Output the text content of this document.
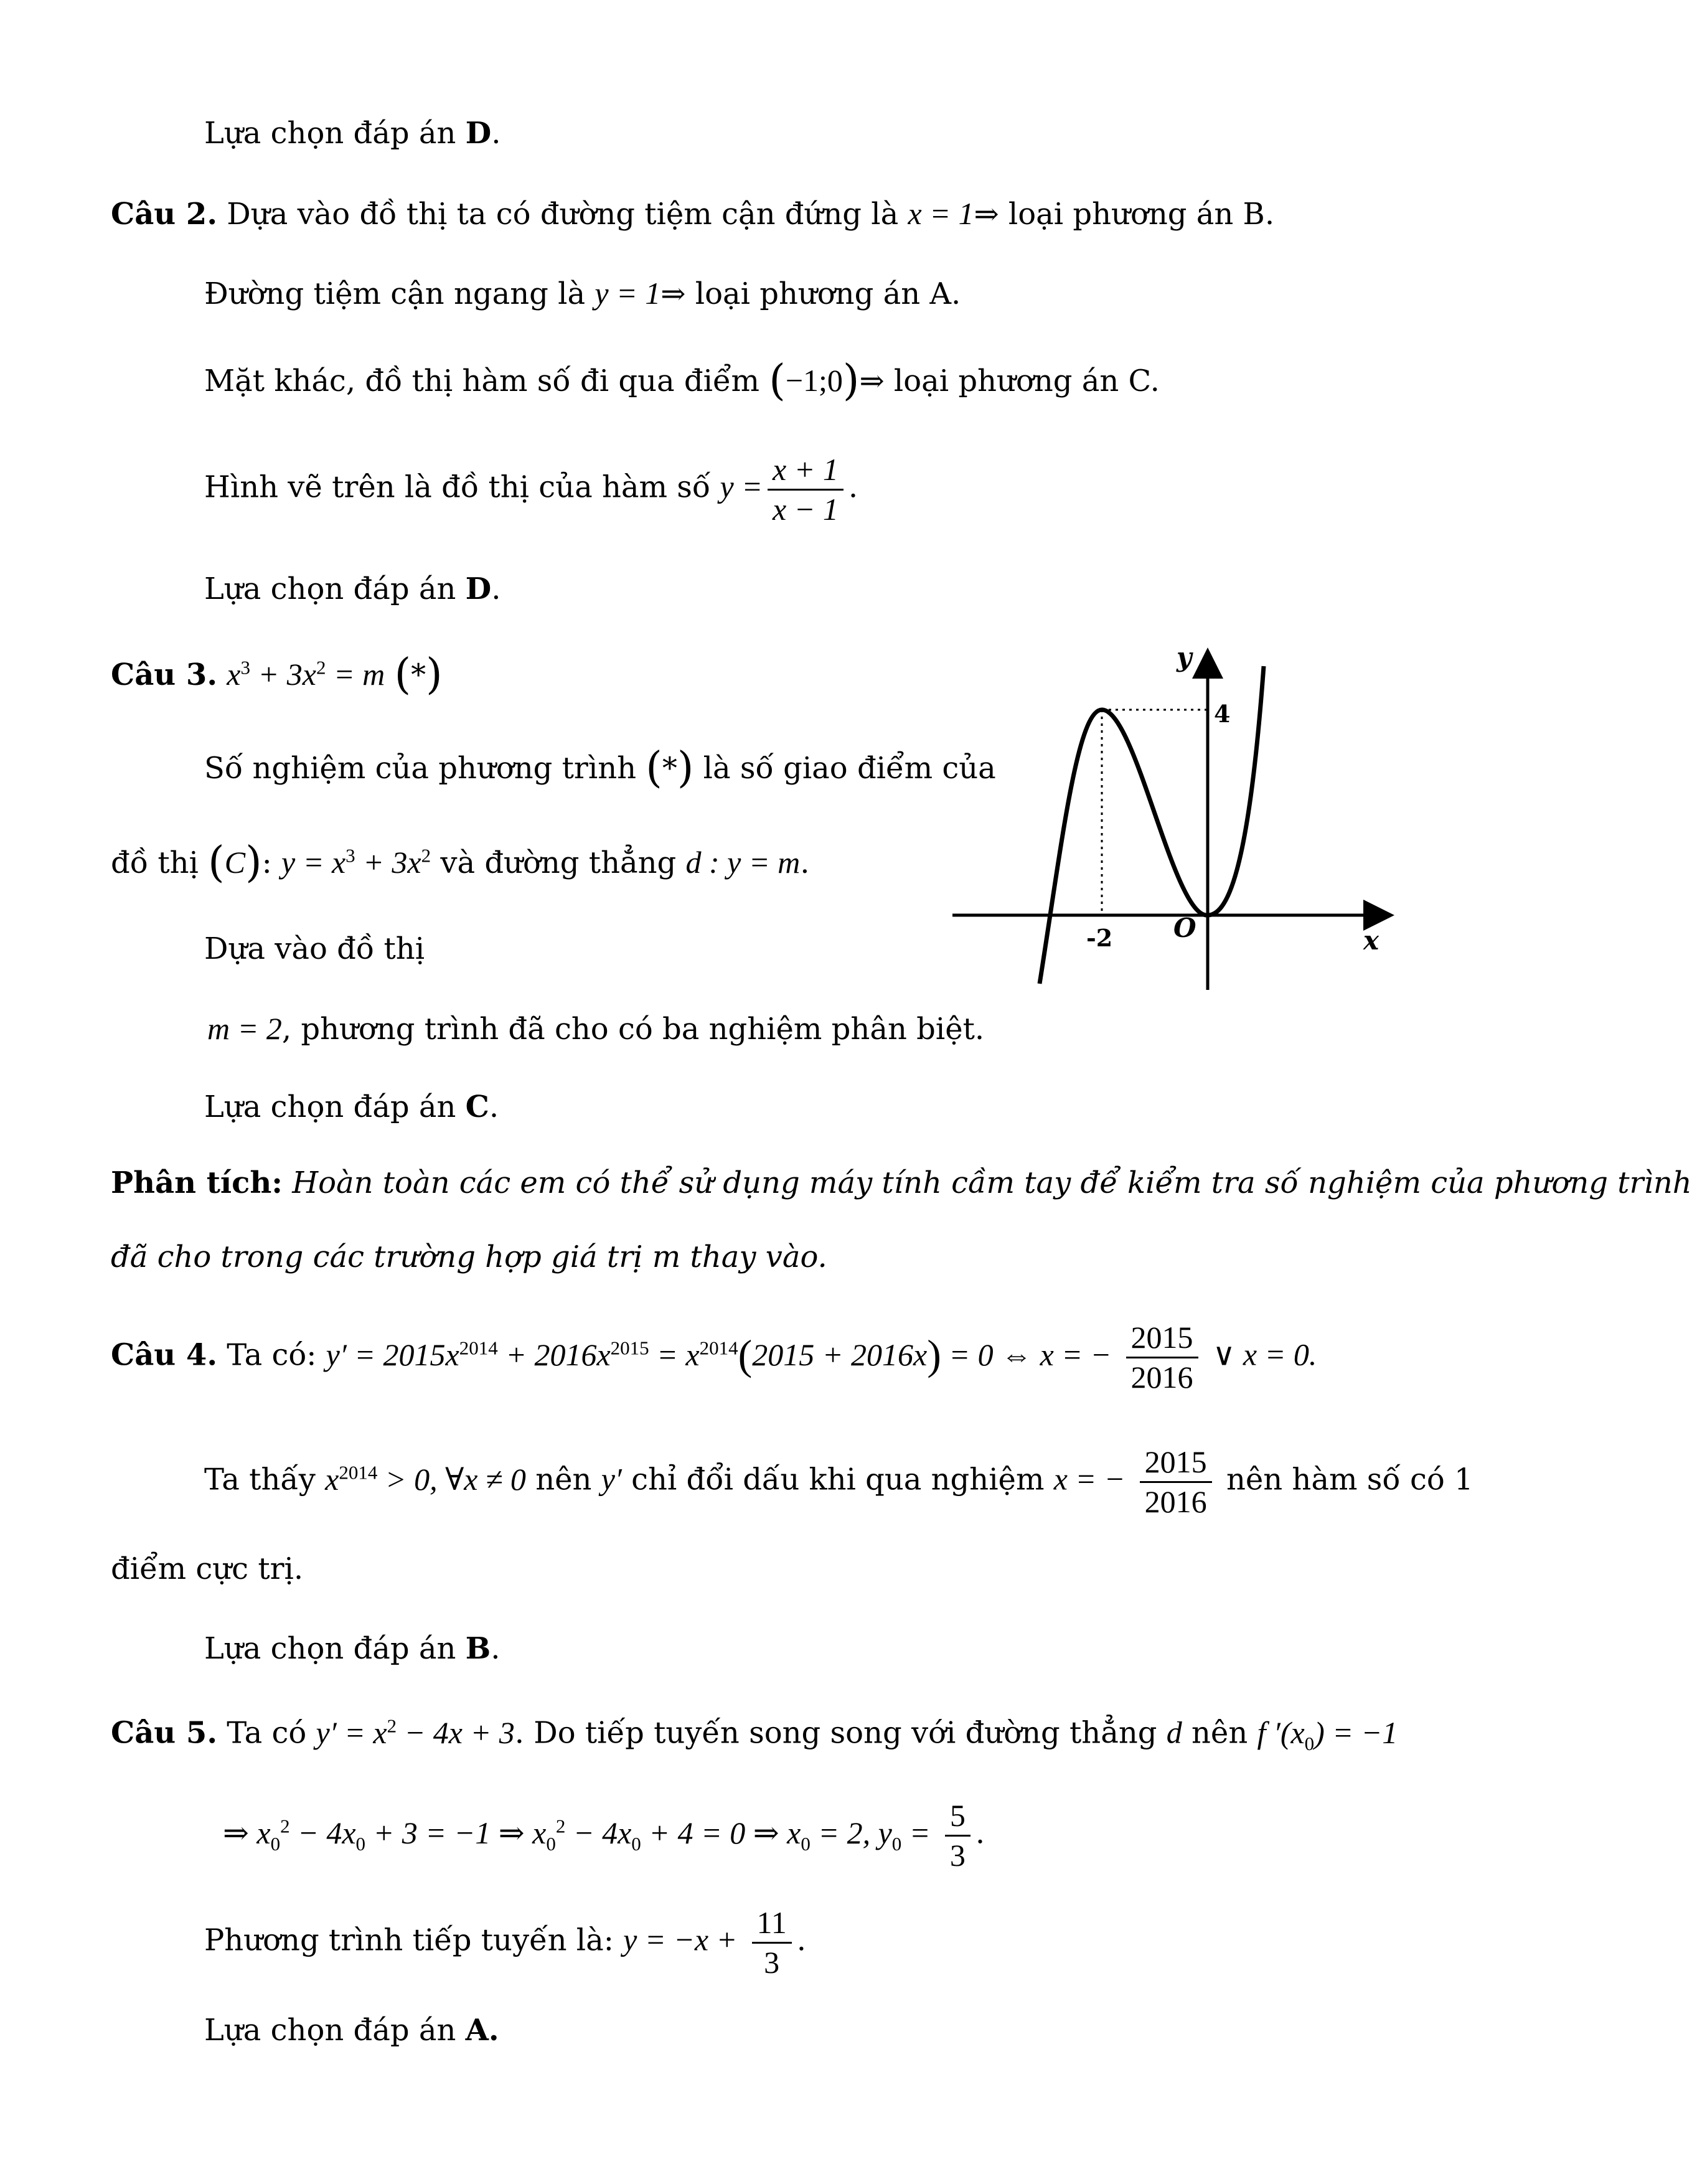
Lựa chọn đáp án D.
Câu 2. Dựa vào đồ thị ta có đường tiệm cận đứng là x = 1⇒ loại phương án B.
Đường tiệm cận ngang là y = 1⇒ loại phương án A.
Mặt khác, đồ thị hàm số đi qua điểm (−1;0)⇒ loại phương án C.
Hình vẽ trên là đồ thị của hàm số $y = \frac{x + 1}{x - 1}$ .
Lựa chọn đáp án D.
Câu 3. $x^3 + 3x^2 = m$ (*)
Số nghiệm của phương trình (*) là số giao điểm của
đồ thị (C): $y = x^3 + 3x^2$ và đường thẳng d : y = m.
Dựa vào đồ thị
m = 2, phương trình đã cho có ba nghiệm phân biệt.
Lựa chọn đáp án C.
y
x
O
-2
4
Phân tích: Hoàn toàn các em có thể sử dụng máy tính cầm tay để kiểm tra số nghiệm của phương trình
đã cho trong các trường hợp giá trị m thay vào.
Câu 4. Ta có: $y' = 2015x^{2014} + 2016x^{2015} = x^{2014}(2015 + 2016x) = 0$ ⇔ x = − $\frac{2015}{2016}$ ∨ x = 0.
Ta thấy $x^{2014} > 0$, ∀x ≠ 0 nên y′ chỉ đổi dấu khi qua nghiệm x = − $\frac{2015}{2016}$ nên hàm số có 1
điểm cực trị.
Lựa chọn đáp án B.
Câu 5. Ta có $y' = x^2 - 4x + 3$. Do tiếp tuyến song song với đường thẳng d nên f $'(x_0) = -1$
⇒ $x_0^2 - 4x_0 + 3 = -1$ ⇒ $x_0^2 - 4x_0 + 4 = 0$ ⇒ $x_0 = 2$, $y_0 = \frac{5}{3}$ .
Phương trình tiếp tuyến là: $y = -x + \frac{11}{3}$ .
Lựa chọn đáp án A.
